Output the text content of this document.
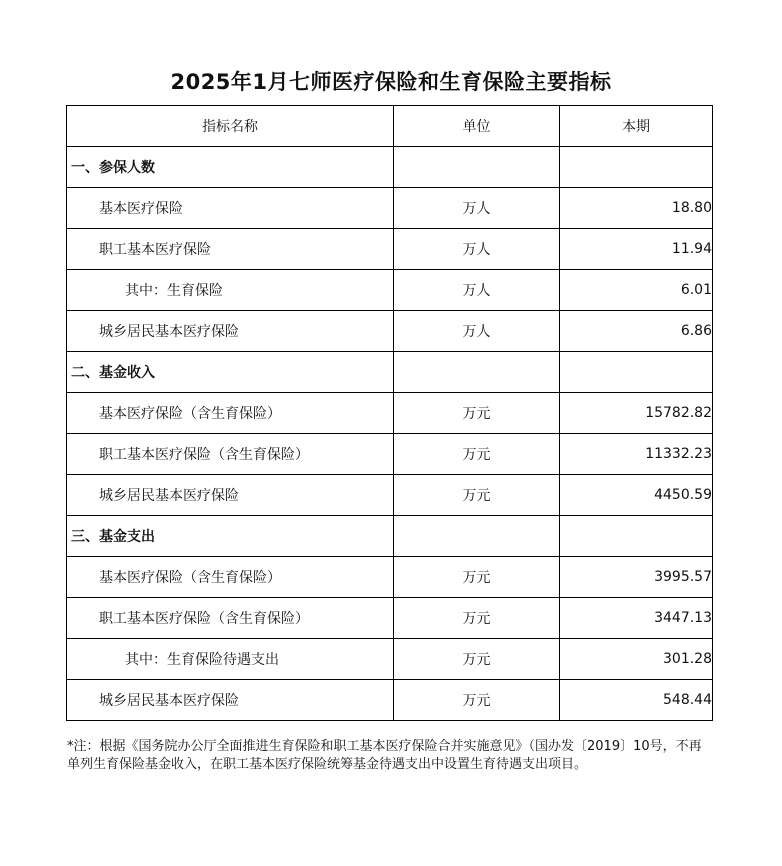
2025年1月七师医疗保险和生育保险主要指标
指标名称	单位	本期
一、参保人数		
基本医疗保险	万人	18.80
职工基本医疗保险	万人	11.94
其中：生育保险	万人	6.01
城乡居民基本医疗保险	万人	6.86
二、基金收入		
基本医疗保险（含生育保险）	万元	15782.82
职工基本医疗保险（含生育保险）	万元	11332.23
城乡居民基本医疗保险	万元	4450.59
三、基金支出		
基本医疗保险（含生育保险）	万元	3995.57
职工基本医疗保险（含生育保险）	万元	3447.13
其中：生育保险待遇支出	万元	301.28
城乡居民基本医疗保险	万元	548.44
*注：根据《国务院办公厅全面推进生育保险和职工基本医疗保险合并实施意见》（国办发〔2019〕10号，不再单列生育保险基金收入，在职工基本医疗保险统筹基金待遇支出中设置生育待遇支出项目。
